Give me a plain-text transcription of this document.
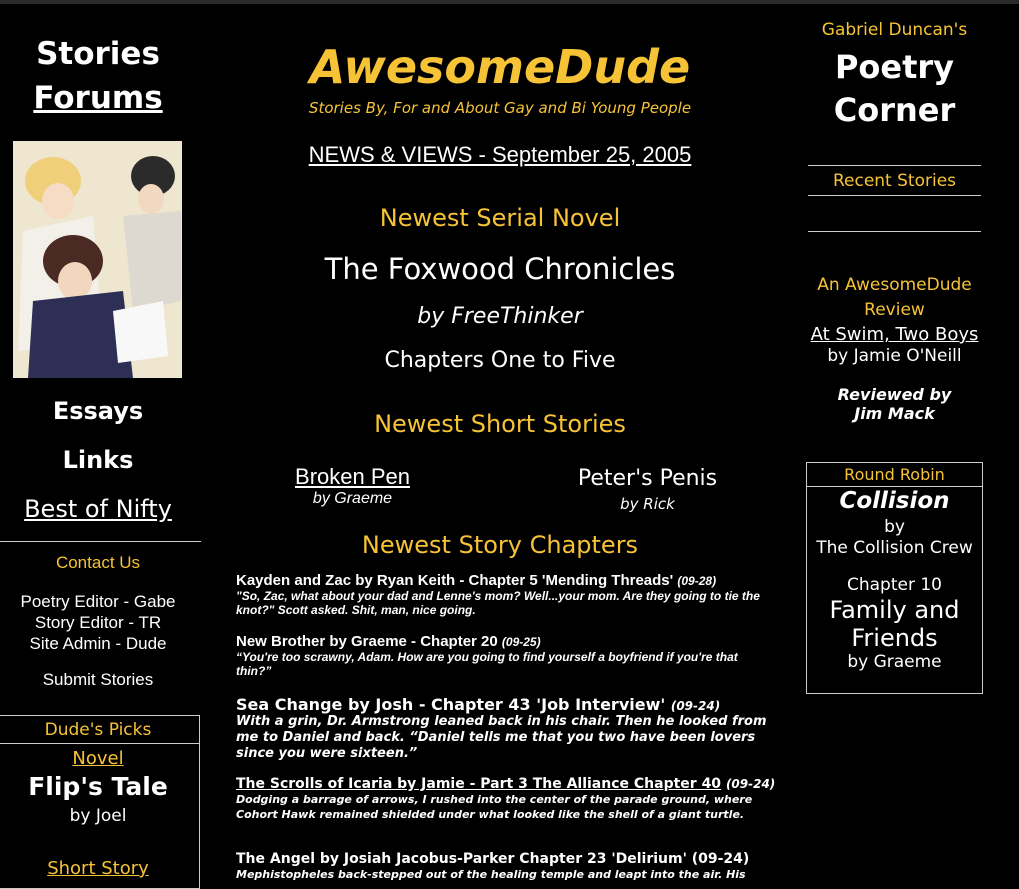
Stories
Forums
Essays
Links
Best of Nifty
Contact Us
Poetry Editor - Gabe
Story Editor - TR
Site Admin - Dude
Submit Stories
Dude's Picks
Novel
Flip's Tale
by Joel
Short Story
AwesomeDude
Stories By, For and About Gay and Bi Young People
NEWS & VIEWS - September 25, 2005
Newest Serial Novel
The Foxwood Chronicles
by FreeThinker
Chapters One to Five
Newest Short Stories
Broken Pen
by Graeme
Peter's Penis
by Rick
Newest Story Chapters
Kayden and Zac by Ryan Keith - Chapter 5 'Mending Threads' (09-28)
"So, Zac, what about your dad and Lenne's mom? Well...your mom. Are they going to tie the knot?" Scott asked. Shit, man, nice going.
New Brother by Graeme - Chapter 20 (09-25)
“You're too scrawny, Adam. How are you going to find yourself a boyfriend if you're that thin?”
Sea Change by Josh - Chapter 43 'Job Interview' (09-24)
With a grin, Dr. Armstrong leaned back in his chair. Then he looked from me to Daniel and back. “Daniel tells me that you two have been lovers since you were sixteen.”
The Scrolls of Icaria by Jamie - Part 3 The Alliance Chapter 40 (09-24)
Dodging a barrage of arrows, I rushed into the center of the parade ground, where Cohort Hawk remained shielded under what looked like the shell of a giant turtle.
The Angel by Josiah Jacobus-Parker Chapter 23 'Delirium' (09-24)
Mephistopheles back-stepped out of the healing temple and leapt into the air. His
Gabriel Duncan's
Poetry
Corner
Recent Stories
An AwesomeDude
Review
At Swim, Two Boys
by Jamie O'Neill
Reviewed by
Jim Mack
Round Robin
Collision
by
The Collision Crew
Chapter 10
Family and
Friends
by Graeme
